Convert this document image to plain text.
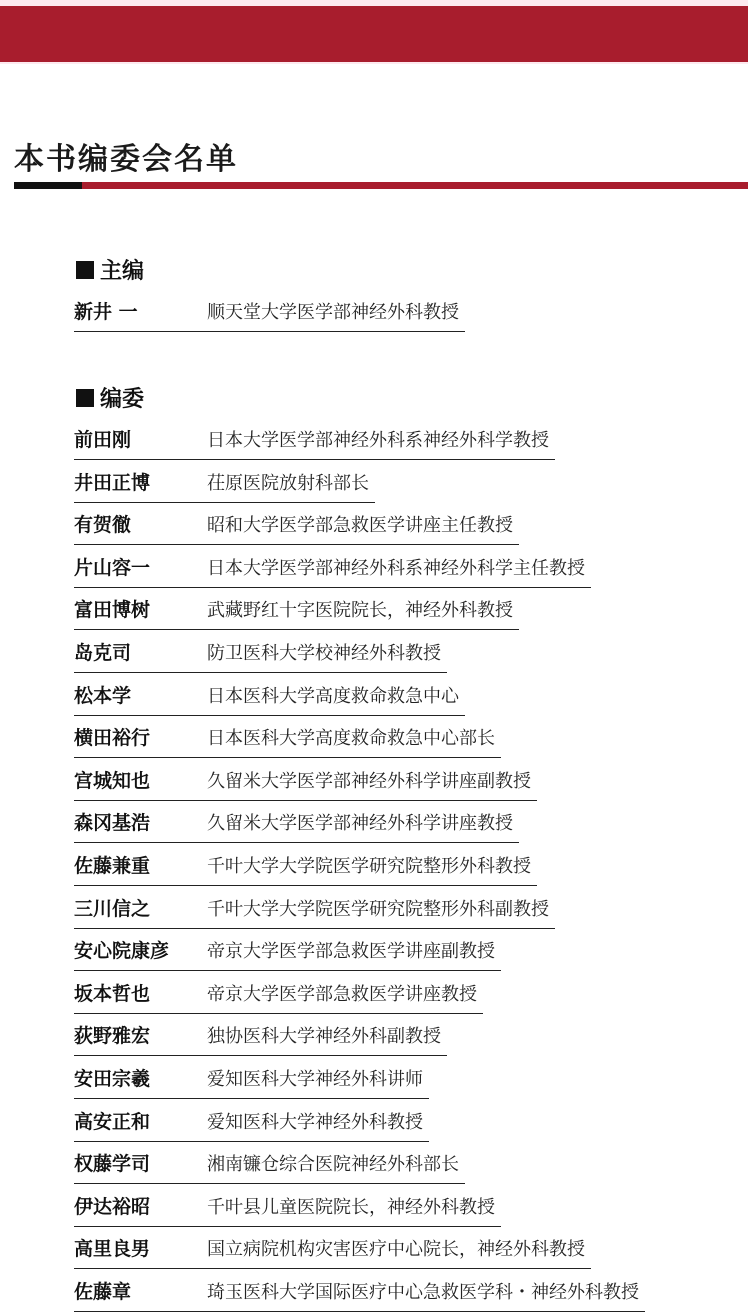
本书编委会名单
主编
新井 一	顺天堂大学医学部神经外科教授
编委
前田刚	日本大学医学部神经外科系神经外科学教授
井田正博	茌原医院放射科部长
有贺徹	昭和大学医学部急救医学讲座主任教授
片山容一	日本大学医学部神经外科系神经外科学主任教授
富田博树	武藏野红十字医院院长，神经外科教授
岛克司	防卫医科大学校神经外科教授
松本学	日本医科大学高度救命救急中心
横田裕行	日本医科大学高度救命救急中心部长
宫城知也	久留米大学医学部神经外科学讲座副教授
森冈基浩	久留米大学医学部神经外科学讲座教授
佐藤兼重	千叶大学大学院医学研究院整形外科教授
三川信之	千叶大学大学院医学研究院整形外科副教授
安心院康彦	帝京大学医学部急救医学讲座副教授
坂本哲也	帝京大学医学部急救医学讲座教授
荻野雅宏	独协医科大学神经外科副教授
安田宗羲	爱知医科大学神经外科讲师
高安正和	爱知医科大学神经外科教授
权藤学司	湘南镰仓综合医院神经外科部长
伊达裕昭	千叶县儿童医院院长，神经外科教授
高里良男	国立病院机构灾害医疗中心院长，神经外科教授
佐藤章	琦玉医科大学国际医疗中心急救医学科・神经外科教授
